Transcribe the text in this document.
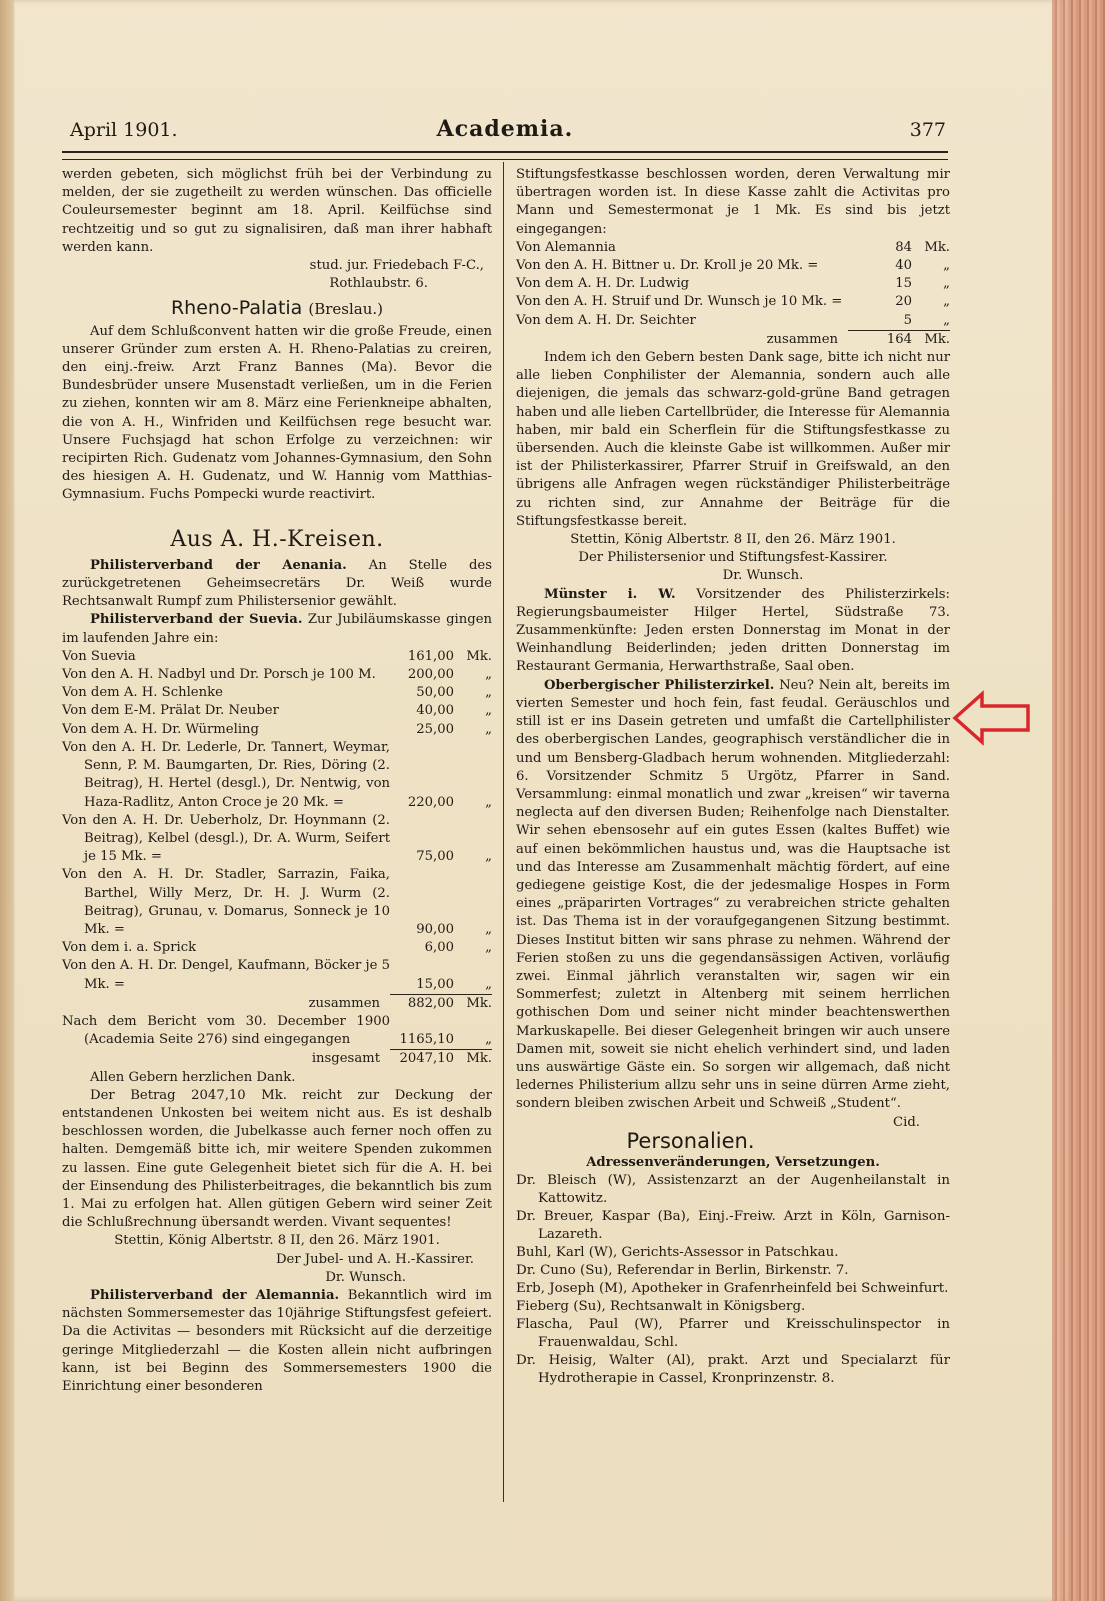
April 1901.	Academia.	377

werden gebeten, sich möglichst früh bei der Verbindung zu melden, der sie zugetheilt zu werden wünschen. Das officielle Couleursemester beginnt am 18. April. Keilfüchse sind rechtzeitig und so gut zu signalisiren, daß man ihrer habhaft werden kann.

stud. jur. Friedebach F-C.,

Rothlaubstr. 6.

Rheno-Palatia (Breslau.)

Auf dem Schlußconvent hatten wir die große Freude, einen unserer Gründer zum ersten A. H. Rheno-Palatias zu creiren, den einj.-freiw. Arzt Franz Bannes (Ma). Bevor die Bundesbrüder unsere Musenstadt verließen, um in die Ferien zu ziehen, konnten wir am 8. März eine Ferienkneipe abhalten, die von A. H., Winfriden und Keilfüchsen rege besucht war. Unsere Fuchsjagd hat schon Erfolge zu verzeichnen: wir recipirten Rich. Gudenatz vom Johannes-Gymnasium, den Sohn des hiesigen A. H. Gudenatz, und W. Hannig vom Matthias-Gymnasium. Fuchs Pompecki wurde reactivirt.

Aus A. H.-Kreisen.

Philisterverband der Aenania. An Stelle des zurückgetretenen Geheimsecretärs Dr. Weiß wurde Rechtsanwalt Rumpf zum Philistersenior gewählt.

Philisterverband der Suevia. Zur Jubiläumskasse gingen im laufenden Jahre ein:

Von Suevia	161,00 Mk.
Von den A. H. Nadbyl und Dr. Porsch je 100 M.	200,00	„
Von dem A. H. Schlenke	50,00	„
Von dem E-M. Prälat Dr. Neuber	40,00	„
Von dem A. H. Dr. Würmeling	25,00	„
Von den A. H. Dr. Lederle, Dr. Tannert, Weymar, Senn, P. M. Baumgarten, Dr. Ries, Döring (2. Beitrag), H. Hertel (desgl.), Dr. Nentwig, von Haza-Radlitz, Anton Croce je 20 Mk. =	220,00	„
Von den A. H. Dr. Ueberholz, Dr. Hoynmann (2. Beitrag), Kelbel (desgl.), Dr. A. Wurm, Seifert je 15 Mk. =	75,00	„
Von den A. H. Dr. Stadler, Sarrazin, Faika, Barthel, Willy Merz, Dr. H. J. Wurm (2. Beitrag), Grunau, v. Domarus, Sonneck je 10 Mk. =	90,00	„
Von dem i. a. Sprick	6,00	„
Von den A. H. Dr. Dengel, Kaufmann, Böcker je 5 Mk. =	15,00	„
zusammen	882,00 Mk.
Nach dem Bericht vom 30. December 1900 (Academia Seite 276) sind eingegangen	1165,10	„
insgesamt	2047,10 Mk.

Allen Gebern herzlichen Dank.

Der Betrag 2047,10 Mk. reicht zur Deckung der entstandenen Unkosten bei weitem nicht aus. Es ist deshalb beschlossen worden, die Jubelkasse auch ferner noch offen zu halten. Demgemäß bitte ich, mir weitere Spenden zukommen zu lassen. Eine gute Gelegenheit bietet sich für die A. H. bei der Einsendung des Philisterbeitrages, die bekanntlich bis zum 1. Mai zu erfolgen hat. Allen gütigen Gebern wird seiner Zeit die Schlußrechnung übersandt werden. Vivant sequentes!

Stettin, König Albertstr. 8 II, den 26. März 1901.

Der Jubel- und A. H.-Kassirer.

Dr. Wunsch.

Philisterverband der Alemannia. Bekanntlich wird im nächsten Sommersemester das 10jährige Stiftungsfest gefeiert. Da die Activitas — besonders mit Rücksicht auf die derzeitige geringe Mitgliederzahl — die Kosten allein nicht aufbringen kann, ist bei Beginn des Sommersemesters 1900 die Einrichtung einer besonderen

Stiftungsfestkasse beschlossen worden, deren Verwaltung mir übertragen worden ist. In diese Kasse zahlt die Activitas pro Mann und Semestermonat je 1 Mk. Es sind bis jetzt eingegangen:

Von Alemannia	84 Mk.
Von den A. H. Bittner u. Dr. Kroll je 20 Mk. =	40	„
Von dem A. H. Dr. Ludwig	15	„
Von den A. H. Struif und Dr. Wunsch je 10 Mk. =	20	„
Von dem A. H. Dr. Seichter	5	„
zusammen	164 Mk.

Indem ich den Gebern besten Dank sage, bitte ich nicht nur alle lieben Conphilister der Alemannia, sondern auch alle diejenigen, die jemals das schwarz-gold-grüne Band getragen haben und alle lieben Cartellbrüder, die Interesse für Alemannia haben, mir bald ein Scherflein für die Stiftungsfestkasse zu übersenden. Auch die kleinste Gabe ist willkommen. Außer mir ist der Philisterkassirer, Pfarrer Struif in Greifswald, an den übrigens alle Anfragen wegen rückständiger Philisterbeiträge zu richten sind, zur Annahme der Beiträge für die Stiftungsfestkasse bereit.

Stettin, König Albertstr. 8 II, den 26. März 1901.

Der Philistersenior und Stiftungsfest-Kassirer.

Dr. Wunsch.

Münster i. W. Vorsitzender des Philisterzirkels: Regierungsbaumeister Hilger Hertel, Südstraße 73. Zusammenkünfte: Jeden ersten Donnerstag im Monat in der Weinhandlung Beiderlinden; jeden dritten Donnerstag im Restaurant Germania, Herwarthstraße, Saal oben.

Oberbergischer Philisterzirkel. Neu? Nein alt, bereits im vierten Semester und hoch fein, fast feudal. Geräuschlos und still ist er ins Dasein getreten und umfaßt die Cartellphilister des oberbergischen Landes, geographisch verständlicher die in und um Bensberg-Gladbach herum wohnenden. Mitgliederzahl: 6. Vorsitzender Schmitz 5 Urgötz, Pfarrer in Sand. Versammlung: einmal monatlich und zwar „kreisen“ wir taverna neglecta auf den diversen Buden; Reihenfolge nach Dienstalter. Wir sehen ebensosehr auf ein gutes Essen (kaltes Buffet) wie auf einen bekömmlichen haustus und, was die Hauptsache ist und das Interesse am Zusammenhalt mächtig fördert, auf eine gediegene geistige Kost, die der jedesmalige Hospes in Form eines „präparirten Vortrages“ zu verabreichen stricte gehalten ist. Das Thema ist in der voraufgegangenen Sitzung bestimmt. Dieses Institut bitten wir sans phrase zu nehmen. Während der Ferien stoßen zu uns die gegendansässigen Activen, vorläufig zwei. Einmal jährlich veranstalten wir, sagen wir ein Sommerfest; zuletzt in Altenberg mit seinem herrlichen gothischen Dom und seiner nicht minder beachtenswerthen Markuskapelle. Bei dieser Gelegenheit bringen wir auch unsere Damen mit, soweit sie nicht ehelich verhindert sind, und laden uns auswärtige Gäste ein. So sorgen wir allgemach, daß nicht ledernes Philisterium allzu sehr uns in seine dürren Arme zieht, sondern bleiben zwischen Arbeit und Schweiß „Student“.
Cid.

Personalien.

Adressenveränderungen, Versetzungen.

Dr. Bleisch (W), Assistenzarzt an der Augenheilanstalt in Kattowitz.

Dr. Breuer, Kaspar (Ba), Einj.-Freiw. Arzt in Köln, Garnison-Lazareth.

Buhl, Karl (W), Gerichts-Assessor in Patschkau.

Dr. Cuno (Su), Referendar in Berlin, Birkenstr. 7.

Erb, Joseph (M), Apotheker in Grafenrheinfeld bei Schweinfurt.

Fieberg (Su), Rechtsanwalt in Königsberg.

Flascha, Paul (W), Pfarrer und Kreisschulinspector in Frauenwaldau, Schl.

Dr. Heisig, Walter (Al), prakt. Arzt und Specialarzt für Hydrotherapie in Cassel, Kronprinzenstr. 8.
